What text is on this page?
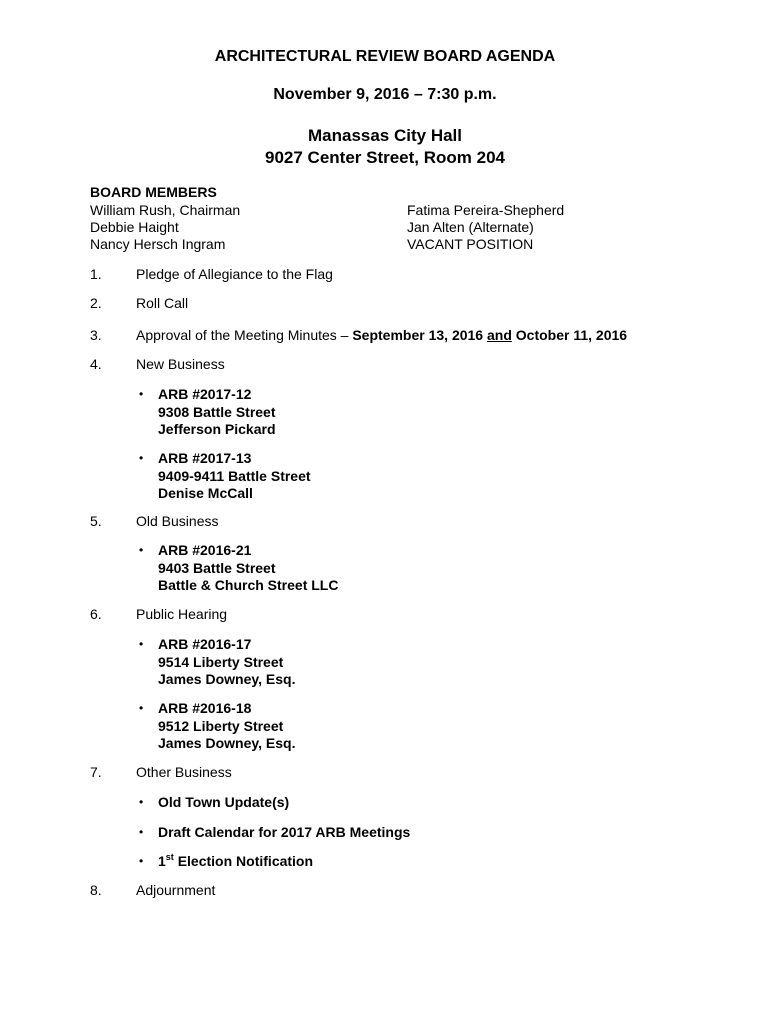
ARCHITECTURAL REVIEW BOARD AGENDA
November 9, 2016 – 7:30 p.m.
Manassas City Hall
9027 Center Street, Room 204
BOARD MEMBERS
William Rush, Chairman
Debbie Haight
Nancy Hersch Ingram
Fatima Pereira-Shepherd
Jan Alten (Alternate)
VACANT POSITION
1. Pledge of Allegiance to the Flag
2. Roll Call
3. Approval of the Meeting Minutes – September 13, 2016 and October 11, 2016
4. New Business
• ARB #2017-12
9308 Battle Street
Jefferson Pickard
• ARB #2017-13
9409-9411 Battle Street
Denise McCall
5. Old Business
• ARB #2016-21
9403 Battle Street
Battle & Church Street LLC
6. Public Hearing
• ARB #2016-17
9514 Liberty Street
James Downey, Esq.
• ARB #2016-18
9512 Liberty Street
James Downey, Esq.
7. Other Business
• Old Town Update(s)
• Draft Calendar for 2017 ARB Meetings
• 1st Election Notification
8. Adjournment
